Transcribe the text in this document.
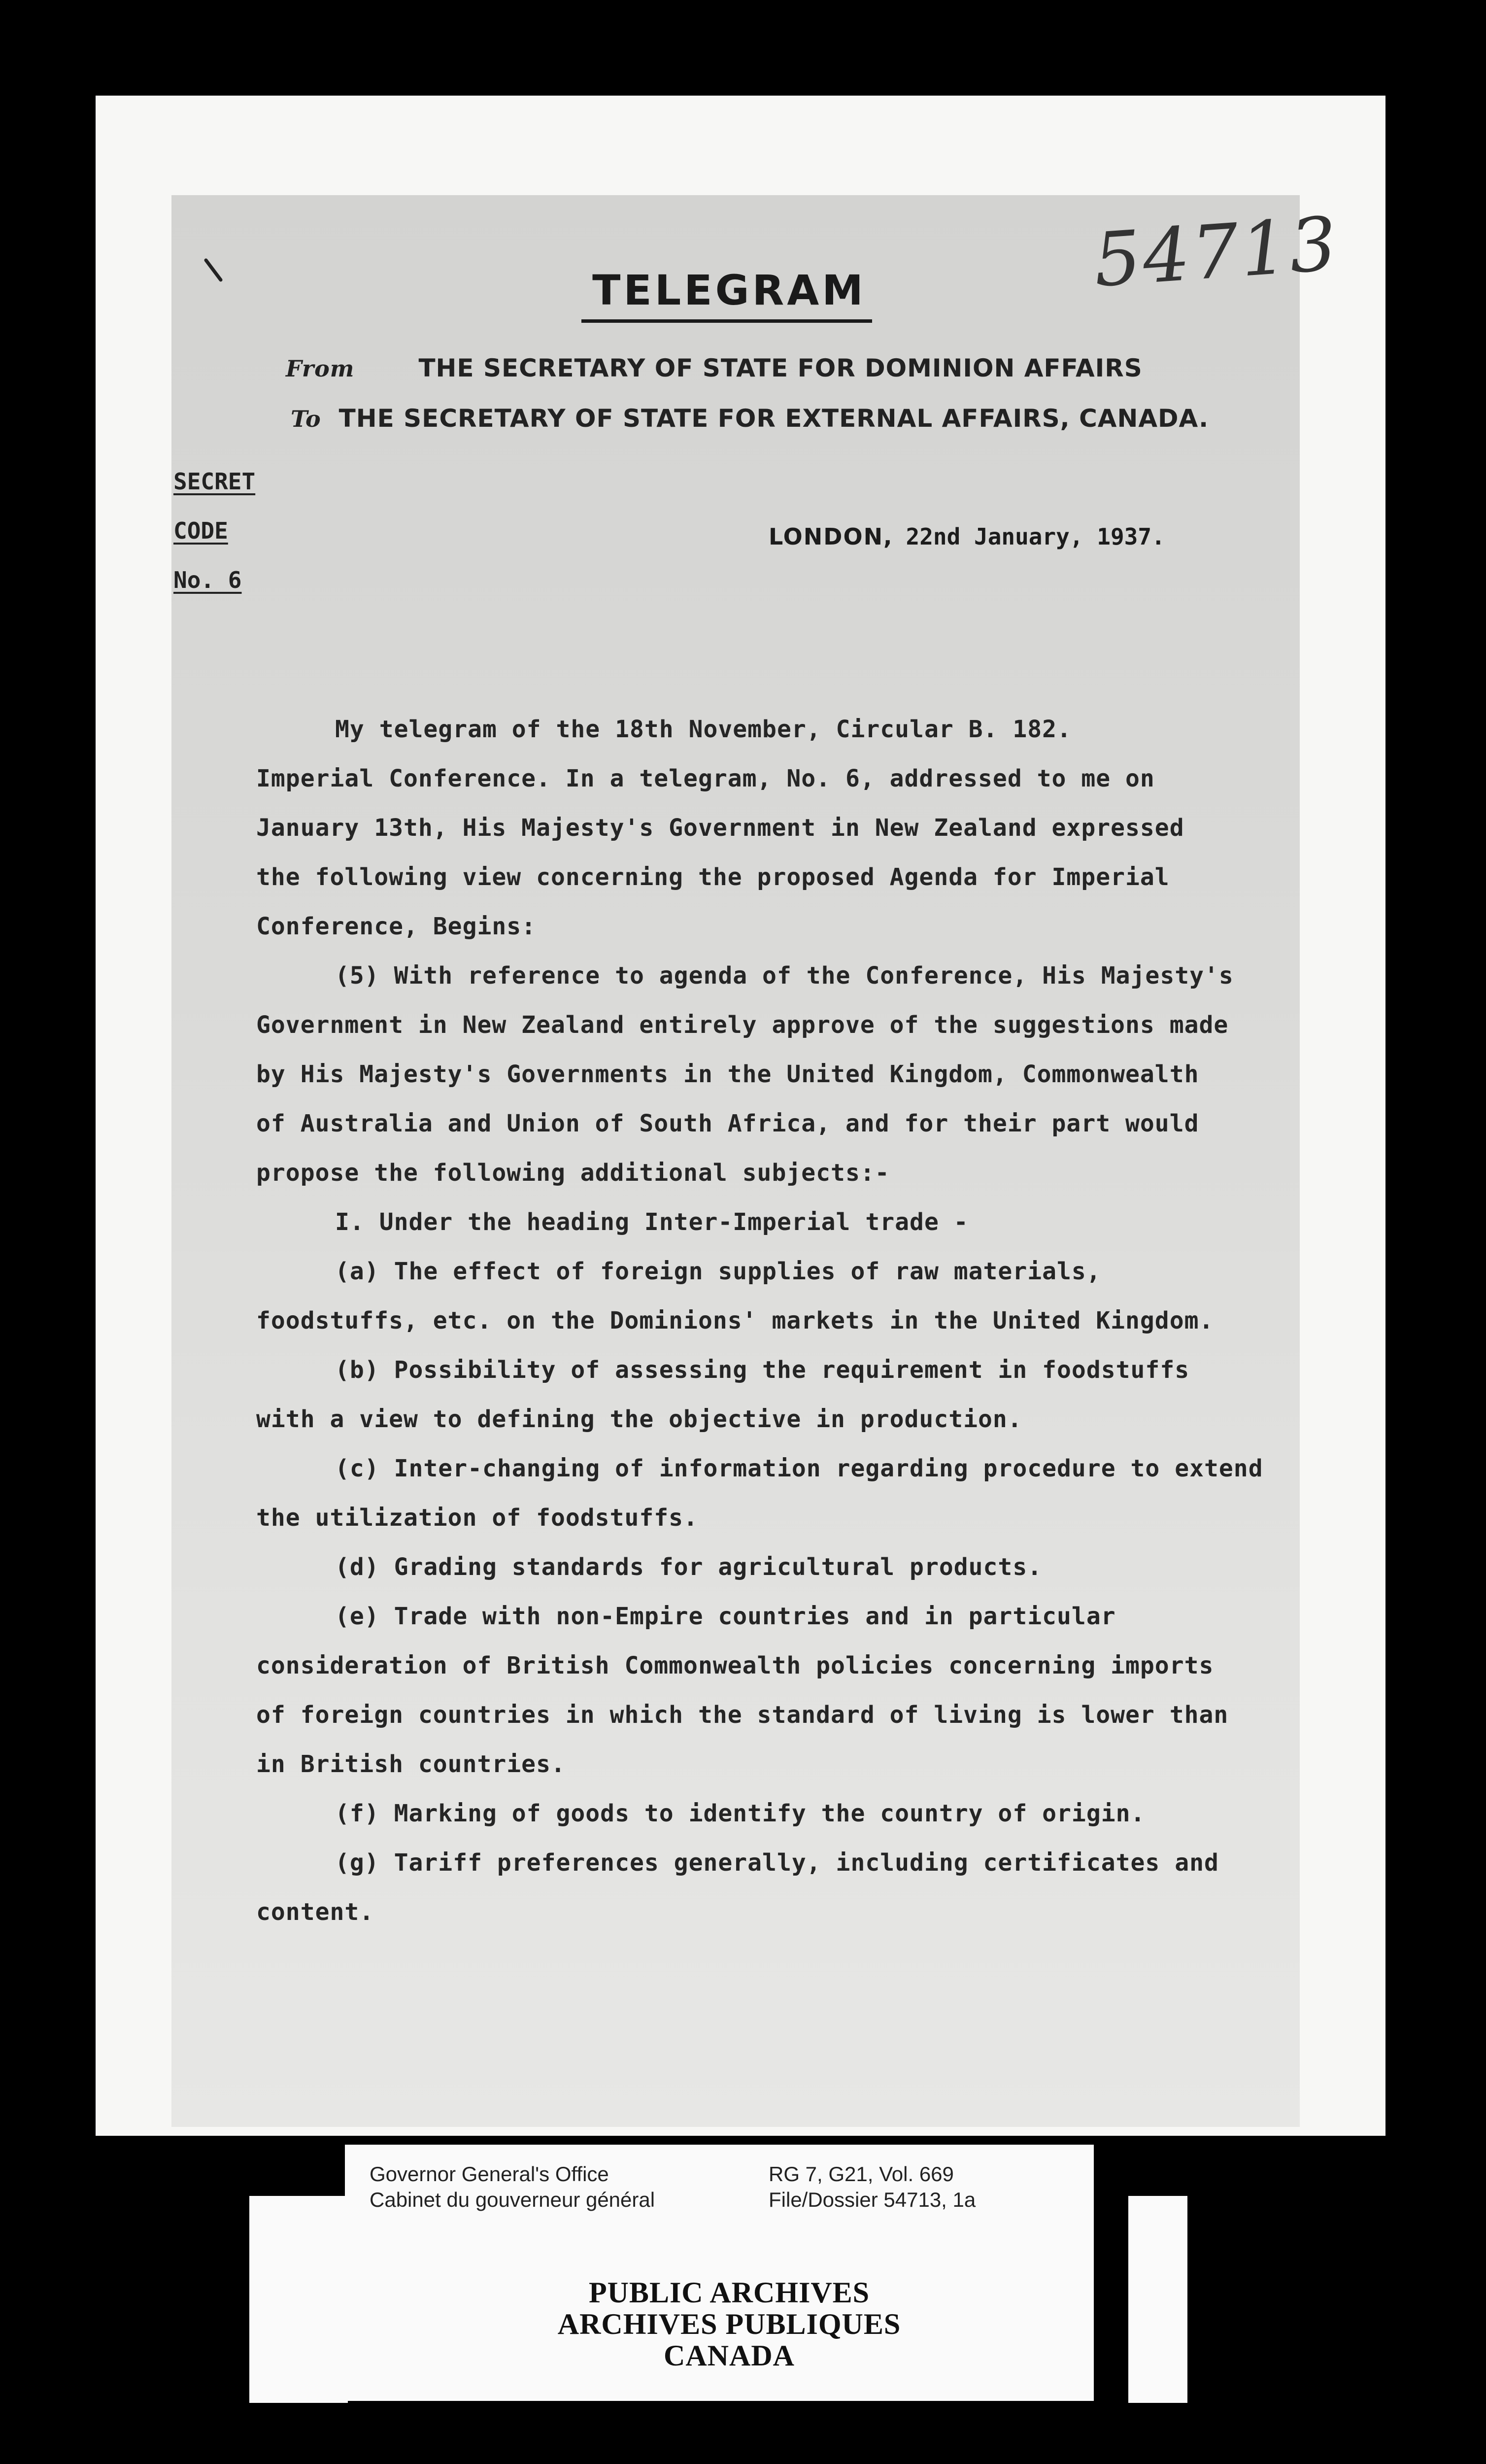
54713
TELEGRAM
From	THE SECRETARY OF STATE FOR DOMINION AFFAIRS
To THE SECRETARY OF STATE FOR EXTERNAL AFFAIRS, CANADA.
SECRET
CODE
No. 6
LONDON, 22nd January, 1937.
My telegram of the 18th November, Circular B. 182.
Imperial Conference. In a telegram, No. 6, addressed to me on
January 13th, His Majesty's Government in New Zealand expressed
the following view concerning the proposed Agenda for Imperial
Conference, Begins:
(5) With reference to agenda of the Conference, His Majesty's
Government in New Zealand entirely approve of the suggestions made
by His Majesty's Governments in the United Kingdom, Commonwealth
of Australia and Union of South Africa, and for their part would
propose the following additional subjects:-
I. Under the heading Inter-Imperial trade -
(a) The effect of foreign supplies of raw materials,
foodstuffs, etc. on the Dominions' markets in the United Kingdom.
(b) Possibility of assessing the requirement in foodstuffs
with a view to defining the objective in production.
(c) Inter-changing of information regarding procedure to extend
the utilization of foodstuffs.
(d) Grading standards for agricultural products.
(e) Trade with non-Empire countries and in particular
consideration of British Commonwealth policies concerning imports
of foreign countries in which the standard of living is lower than
in British countries.
(f) Marking of goods to identify the country of origin.
(g) Tariff preferences generally, including certificates and
content.
Governor General's Office
Cabinet du gouverneur général
RG 7, G21, Vol. 669
File/Dossier 54713, 1a
PUBLIC ARCHIVES
ARCHIVES PUBLIQUES
CANADA
